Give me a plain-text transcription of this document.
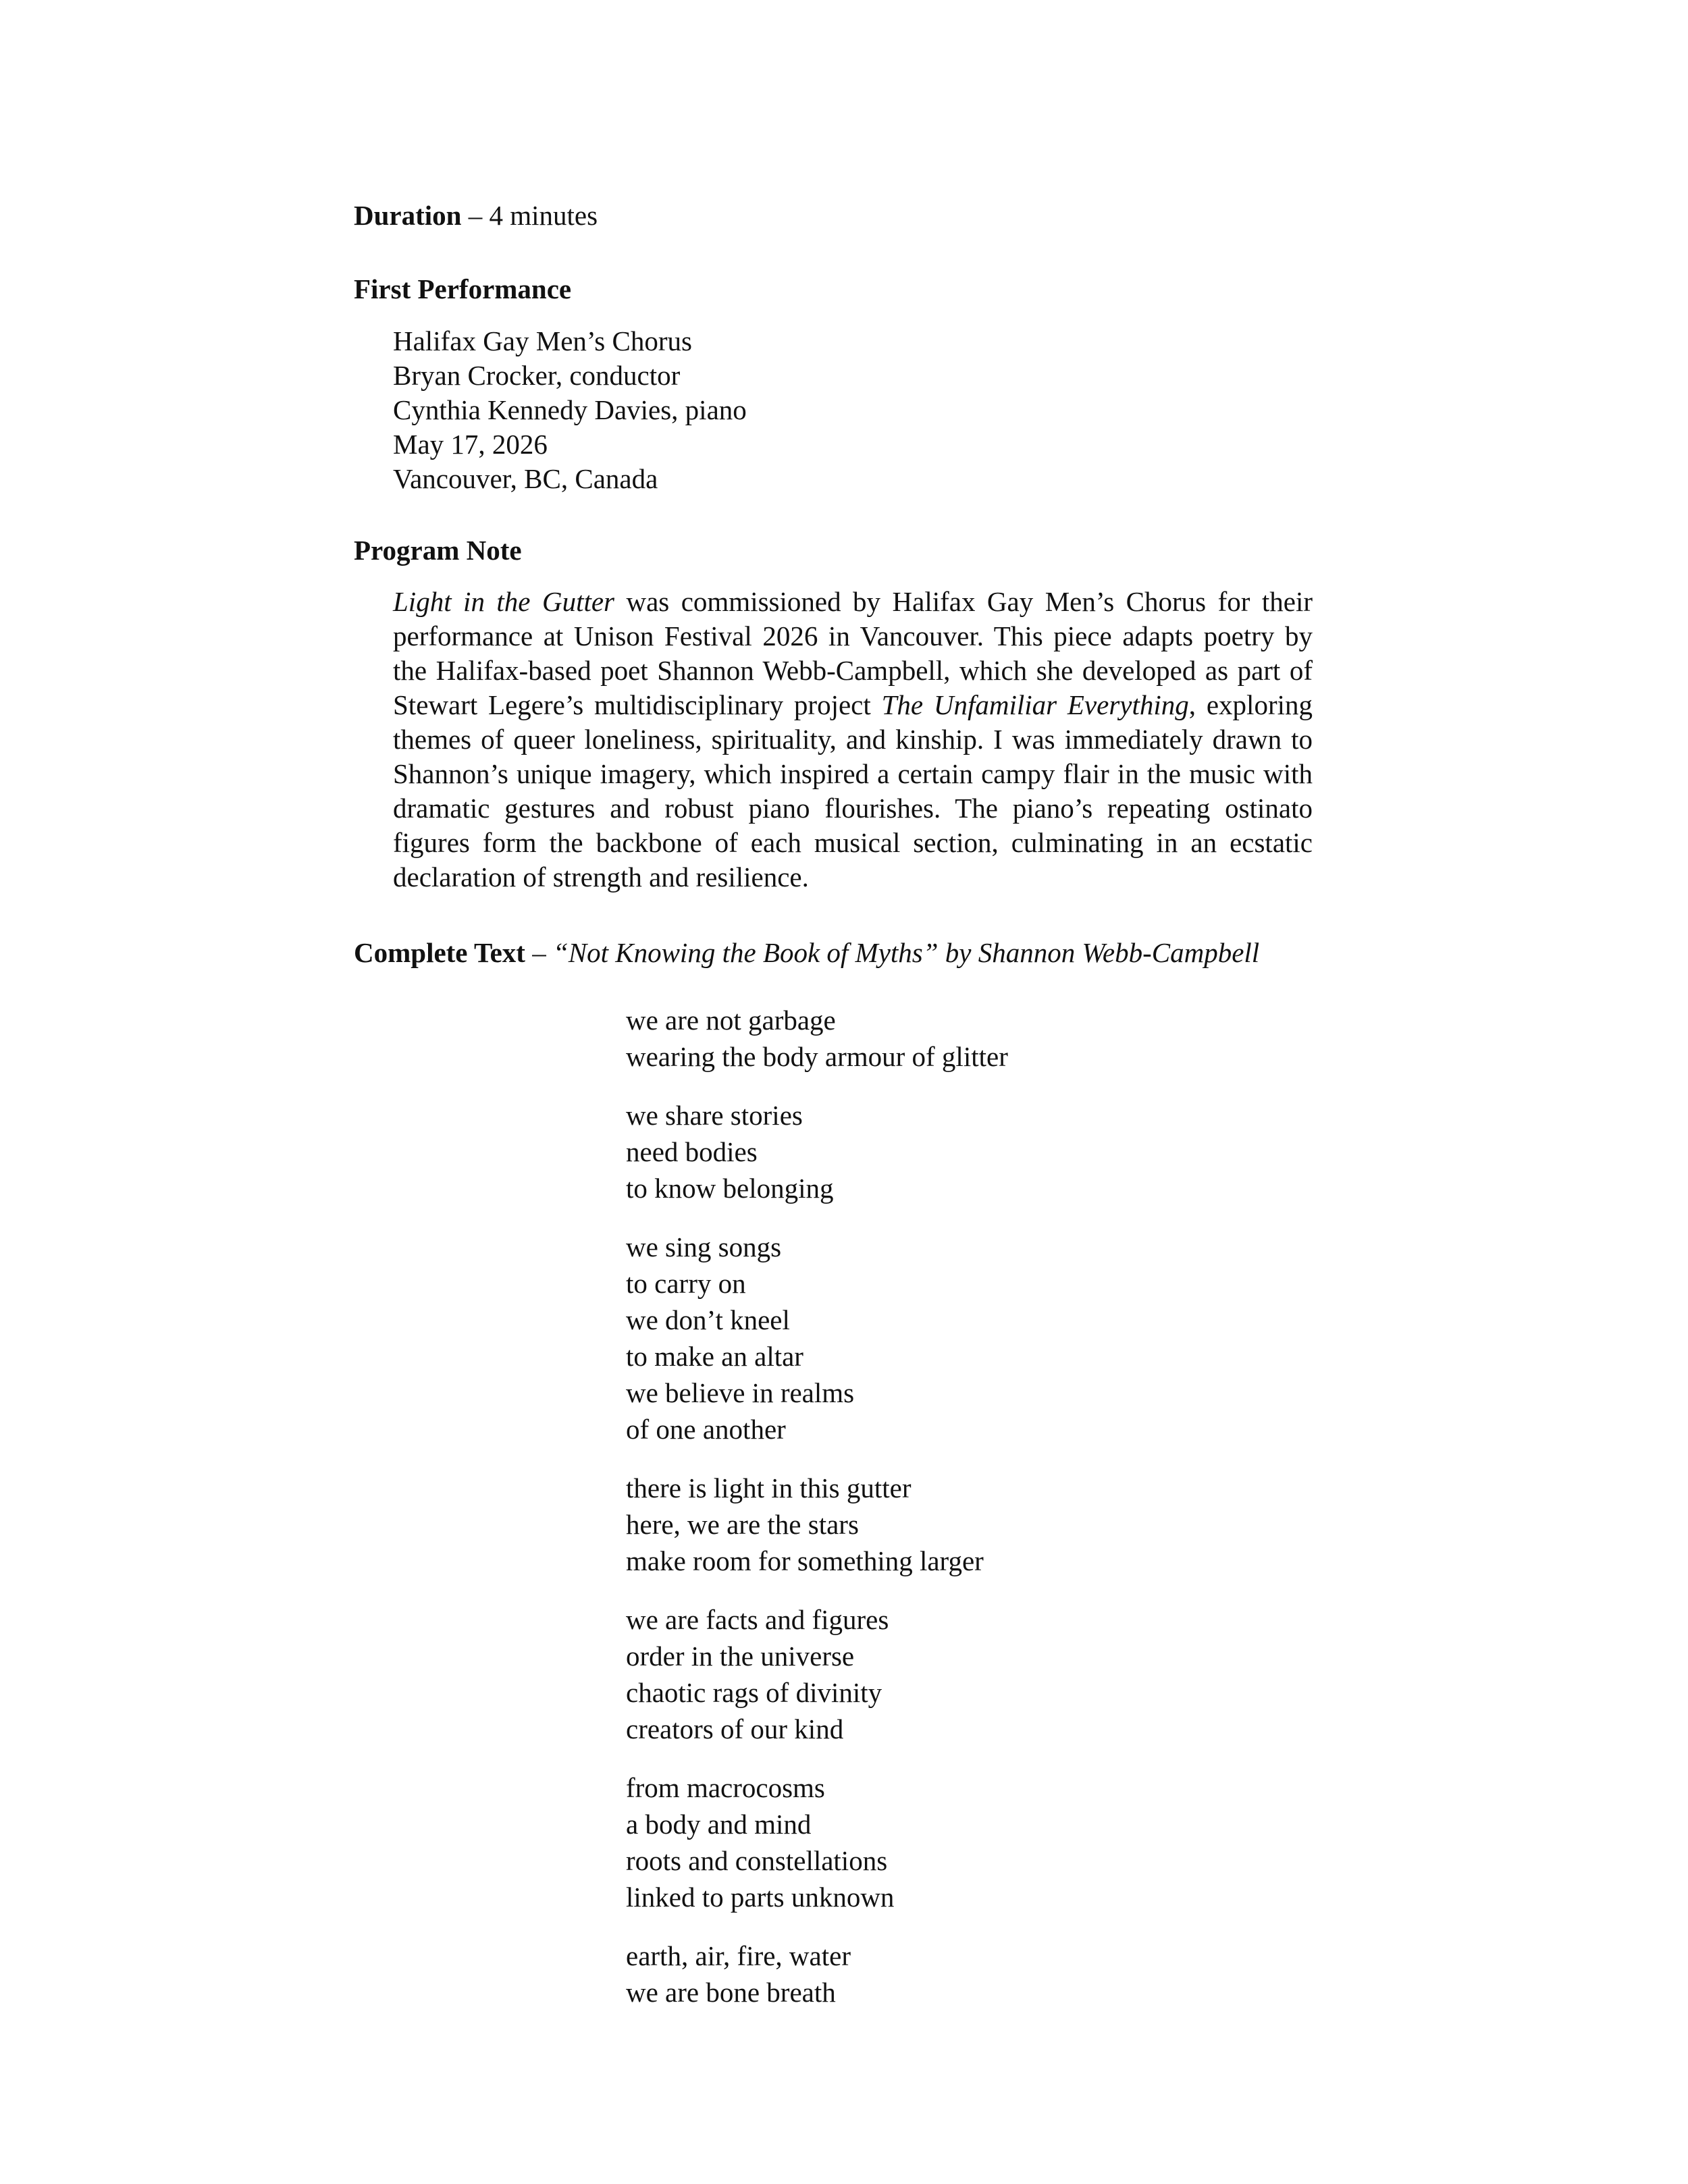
Duration – 4 minutes

First Performance

Halifax Gay Men’s Chorus
Bryan Crocker, conductor
Cynthia Kennedy Davies, piano
May 17, 2026
Vancouver, BC, Canada

Program Note

Light in the Gutter was commissioned by Halifax Gay Men’s Chorus for their performance at Unison Festival 2026 in Vancouver. This piece adapts poetry by the Halifax-based poet Shannon Webb-Campbell, which she developed as part of Stewart Legere’s multidisciplinary project The Unfamiliar Everything, exploring themes of queer loneliness, spirituality, and kinship. I was immediately drawn to Shannon’s unique imagery, which inspired a certain campy flair in the music with dramatic gestures and robust piano flourishes. The piano’s repeating ostinato figures form the backbone of each musical section, culminating in an ecstatic declaration of strength and resilience.

Complete Text – “Not Knowing the Book of Myths” by Shannon Webb-Campbell

we are not garbage
wearing the body armour of glitter
we share stories
need bodies
to know belonging
we sing songs
to carry on
we don’t kneel
to make an altar
we believe in realms
of one another
there is light in this gutter
here, we are the stars
make room for something larger
we are facts and figures
order in the universe
chaotic rags of divinity
creators of our kind
from macrocosms
a body and mind
roots and constellations
linked to parts unknown
earth, air, fire, water
we are bone breath
